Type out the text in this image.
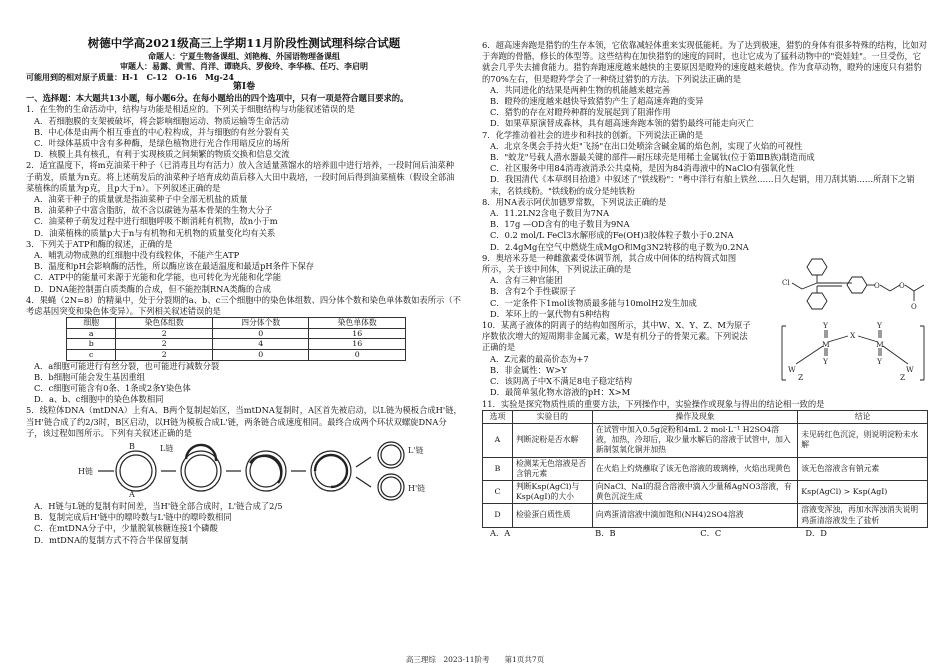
树德中学高2021级高三上学期11月阶段性测试理科综合试题
命题人：宁夏生物备课组、刘艳梅、外国语物理备课组
审题人：易露、黄雪、肖洋、谭晓兵、罗俊玲、李华栋、任巧、李启明
可能用到的相对原子质量：H-1　C-12　O-16　Mg-24
第Ⅰ卷
一、选择题：本大题共13小题，每小题6分。在每小题给出的四个选项中，只有一项是符合题目要求的。

1．在生物的生命活动中，结构与功能是相适应的。下列关于细胞结构与功能叙述错误的是

A．若细胞膜的支架被破坏，将会影响细胞运动、物质运输等生命活动

B．中心体是由两个相互垂直的中心粒构成，并与细胞的有丝分裂有关

C．叶绿体基质中含有多种酶，是绿色植物进行光合作用暗反应的场所

D．核膜上具有核孔，有利于实现核质之间频繁的物质交换和信息交流

2．适宜温度下，将m克油菜干种子（已消毒且均有活力）放入含适量蒸馏水的培养皿中进行培养，一段时间后油菜种子萌发，质量为n克。将上述萌发后的油菜种子培育成幼苗后移入大田中栽培，一段时间后得到油菜植株（假设全部油菜植株的质量为p克，且p大于n）。下列叙述正确的是

A．油菜干种子的质量就是指油菜种子中全部无机盐的质量

B．油菜种子中富含脂肪，故不含以碳链为基本骨架的生物大分子

C．油菜种子萌发过程中进行细胞呼吸不断消耗有机物，故n小于m

D．油菜植株的质量p大于n与有机物和无机物的质量变化均有关系

3．下列关于ATP和酶的叙述，正确的是

A．哺乳动物成熟的红细胞中没有线粒体，不能产生ATP

B．温度和pH会影响酶的活性，所以酶应该在最适温度和最适pH条件下保存

C．ATP中的能量可来源于光能和化学能，也可转化为光能和化学能

D．DNA能控制蛋白质类酶的合成，但不能控制RNA类酶的合成

4．果蝇（2N=8）的精巢中，处于分裂期的a、b、c三个细胞中的染色体组数、四分体个数和染色单体数如表所示（不考虑基因突变和染色体变异）。下列相关叙述错误的是

细胞	染色体组数	四分体个数	染色单体数
a	2	0	16
b	2	4	16
c	2	0	0

A．a细胞可能进行有丝分裂，也可能进行减数分裂

B．b细胞可能会发生基因重组

C．c细胞可能含有0条、1条或2条Y染色体

D．a、b、c细胞中的染色体数相同

5．线粒体DNA（mtDNA）上有A、B两个复制起始区，当mtDNA复制时，A区首先被启动，以L链为模板合成H'链，当H'链合成了约2/3时，B区启动，以H链为模板合成L'链，两条链合成速度相同。最终合成两个环状双螺旋DNA分子，该过程如图所示。下列有关叙述正确的是

H链
A
B	L链	L'链
H'链

A．H链与L链的复制有时间差，当H'链全部合成时，L'链合成了2/5

B．复制完成后H'链中的嘌呤数与L'链中的嘌呤数相同

C．在mtDNA分子中，少量脱氧核糖连接1个磷酸

D．mtDNA的复制方式不符合半保留复制

6．超高速奔跑是猎豹的生存本领，它依靠减轻体重来实现低能耗。为了达到极速，猎豹的身体有很多特殊的结构，比如对于奔跑的骨骼，修长的体型等。这些结构在加快猎豹的速度的同时，也让它成为了猛科动物中的"瓷娃娃"。一旦受伤，它就会几乎失去捕食能力。猎豹奔跑速度越来越快的主要原因是瞪羚的速度越来越快。作为食草动物，瞪羚的速度只有猎豹的70%左右，但是瞪羚学会了一种绕过猎豹的方法。下列说法正确的是

A．共同进化的结果是两种生物的机能越来越完善

B．瞪羚的速度越来越快导致猎豹产生了超高速奔跑的变异

C．猎豹的存在对瞪羚种群的发展起到了阻滞作用

D．如果草原演替成森林，具有超高速奔跑本领的猎豹最终可能走向灭亡

7．化学推动着社会的进步和科技的创新。下列说法正确的是

A．北京冬奥会手持火炬"飞扬"在出口处喷涂含碱金属的焰色剂，实现了火焰的可视性

B．"蛟龙"号载人潜水器最关键的部件—耐压球壳是用稀土金属钛(位于第ⅢB族)制造而成

C．社区服务中用84消毒液消杀公共桌椅，是因为84消毒液中的NaClO有强氧化性

D．我国清代《本草纲目拾遗》中叙述了"铁线粉"："粤中洋行有舶上铁丝……日久起销，用刀刮其销……所刮下之销末，名铁线粉。"铁线粉的成分是纯铁粉

8．用NA表示阿伏加德罗常数，下列说法正确的是

A．11.2LN2含电子数目为7NA

B．17g —OD含有的电子数目为9NA

C．0.2 mol/L FeCl3水解形成的Fe(OH)3胶体粒子数小于0.2NA

D．2.4gMg在空气中燃烧生成MgO和Mg3N2转移的电子数为0.2NA

9．奥培米芬是一种雌激素受体调节剂，其合成中间体的结构简式如图所示，关于该中间体，下列说法正确的是

A．含有三种官能团

B．含有2个手性碳原子

C．一定条件下1mol该物质最多能与10molH2发生加成

D．苯环上的一氯代物有5种结构

Cl	O	O
O

10．某离子液体的阴离子的结构如图所示，其中W、X、Y、Z、M为原子序数依次增大的短周期非金属元素，W是有机分子的骨架元素。下列说法正确的是

A．Z元素的最高价态为+7

B．非金属性：W>Y

C．该阴离子中X不满足8电子稳定结构

D．最简单氢化物水溶液的pH：X>M

W
M
X
M
W
Y
Y
Y
Y
Z	Z

11．实验是探究物质性质的重要方法，下列操作中，实验操作或现象与得出的结论相一致的是

选项	实验目的	操作及现象	结论
A	判断淀粉是否水解	在试管中加入0.5g淀粉和4mL 2 mol·L⁻¹ H2SO4溶液，加热，冷却后，取少量水解后的溶液于试管中，加入新制氢氧化铜并加热	未见砖红色沉淀，则说明淀粉未水解
B	检测某无色溶液是否含钠元素	在火焰上灼烧蘸取了该无色溶液的玻璃棒，火焰出现黄色	该无色溶液含有钠元素
C	判断Ksp(AgCl)与Ksp(AgI)的大小	向NaCl、NaI的混合溶液中滴入少量稀AgNO3溶液，有黄色沉淀生成	Ksp(AgCl) > Ksp(AgI)
D	检验蛋白质性质	向鸡蛋清溶液中滴加饱和(NH4)2SO4溶液	溶液变浑浊，再加水浑浊消失说明鸡蛋清溶液发生了盐析
A．A	B．B	C．C	D．D
高三理综　2023-11阶考　　第1页共7页
